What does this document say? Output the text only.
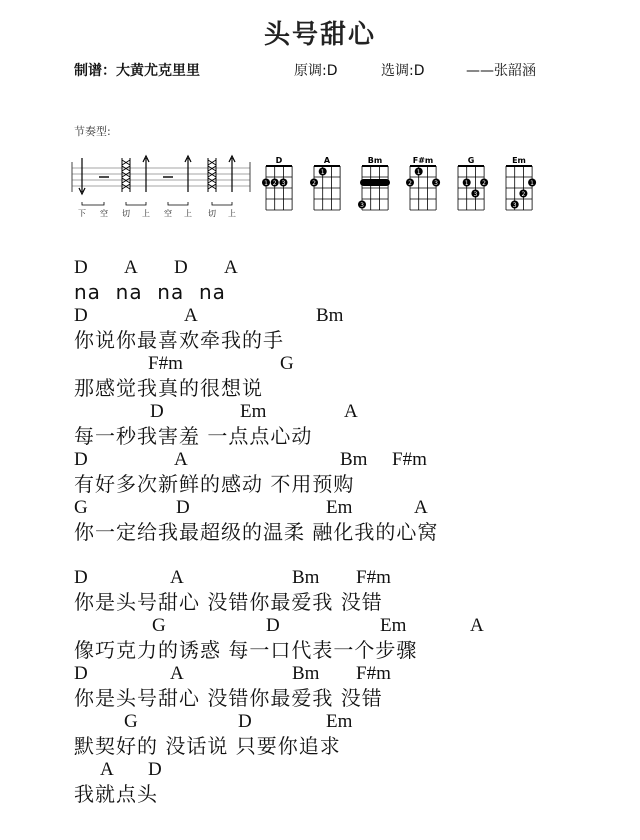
头号甜心
制谱：大黄尤克里里	原调:D	选调:D	——张韶涵
节奏型:
下 空 切 上 空 上 切 上
D
1 2 3
A
2
1
Bm
3
F#m
2
1
3
G
1
3
2
Em
3
2
1
D A D A
na  na  na  na
D	A	Bm
你说你最喜欢牵我的手
F#m	G
那感觉我真的很想说
D	Em	A
每一秒我害羞 一点点心动
D	A	Bm F#m
有好多次新鲜的感动 不用预购
G	D	Em	A
你一定给我最超级的温柔 融化我的心窝
D	A	Bm F#m
你是头号甜心 没错你最爱我 没错
G	D	Em	A
像巧克力的诱惑 每一口代表一个步骤
D	A	Bm F#m
你是头号甜心 没错你最爱我 没错
G	D	Em
默契好的 没话说 只要你追求
A D
我就点头
